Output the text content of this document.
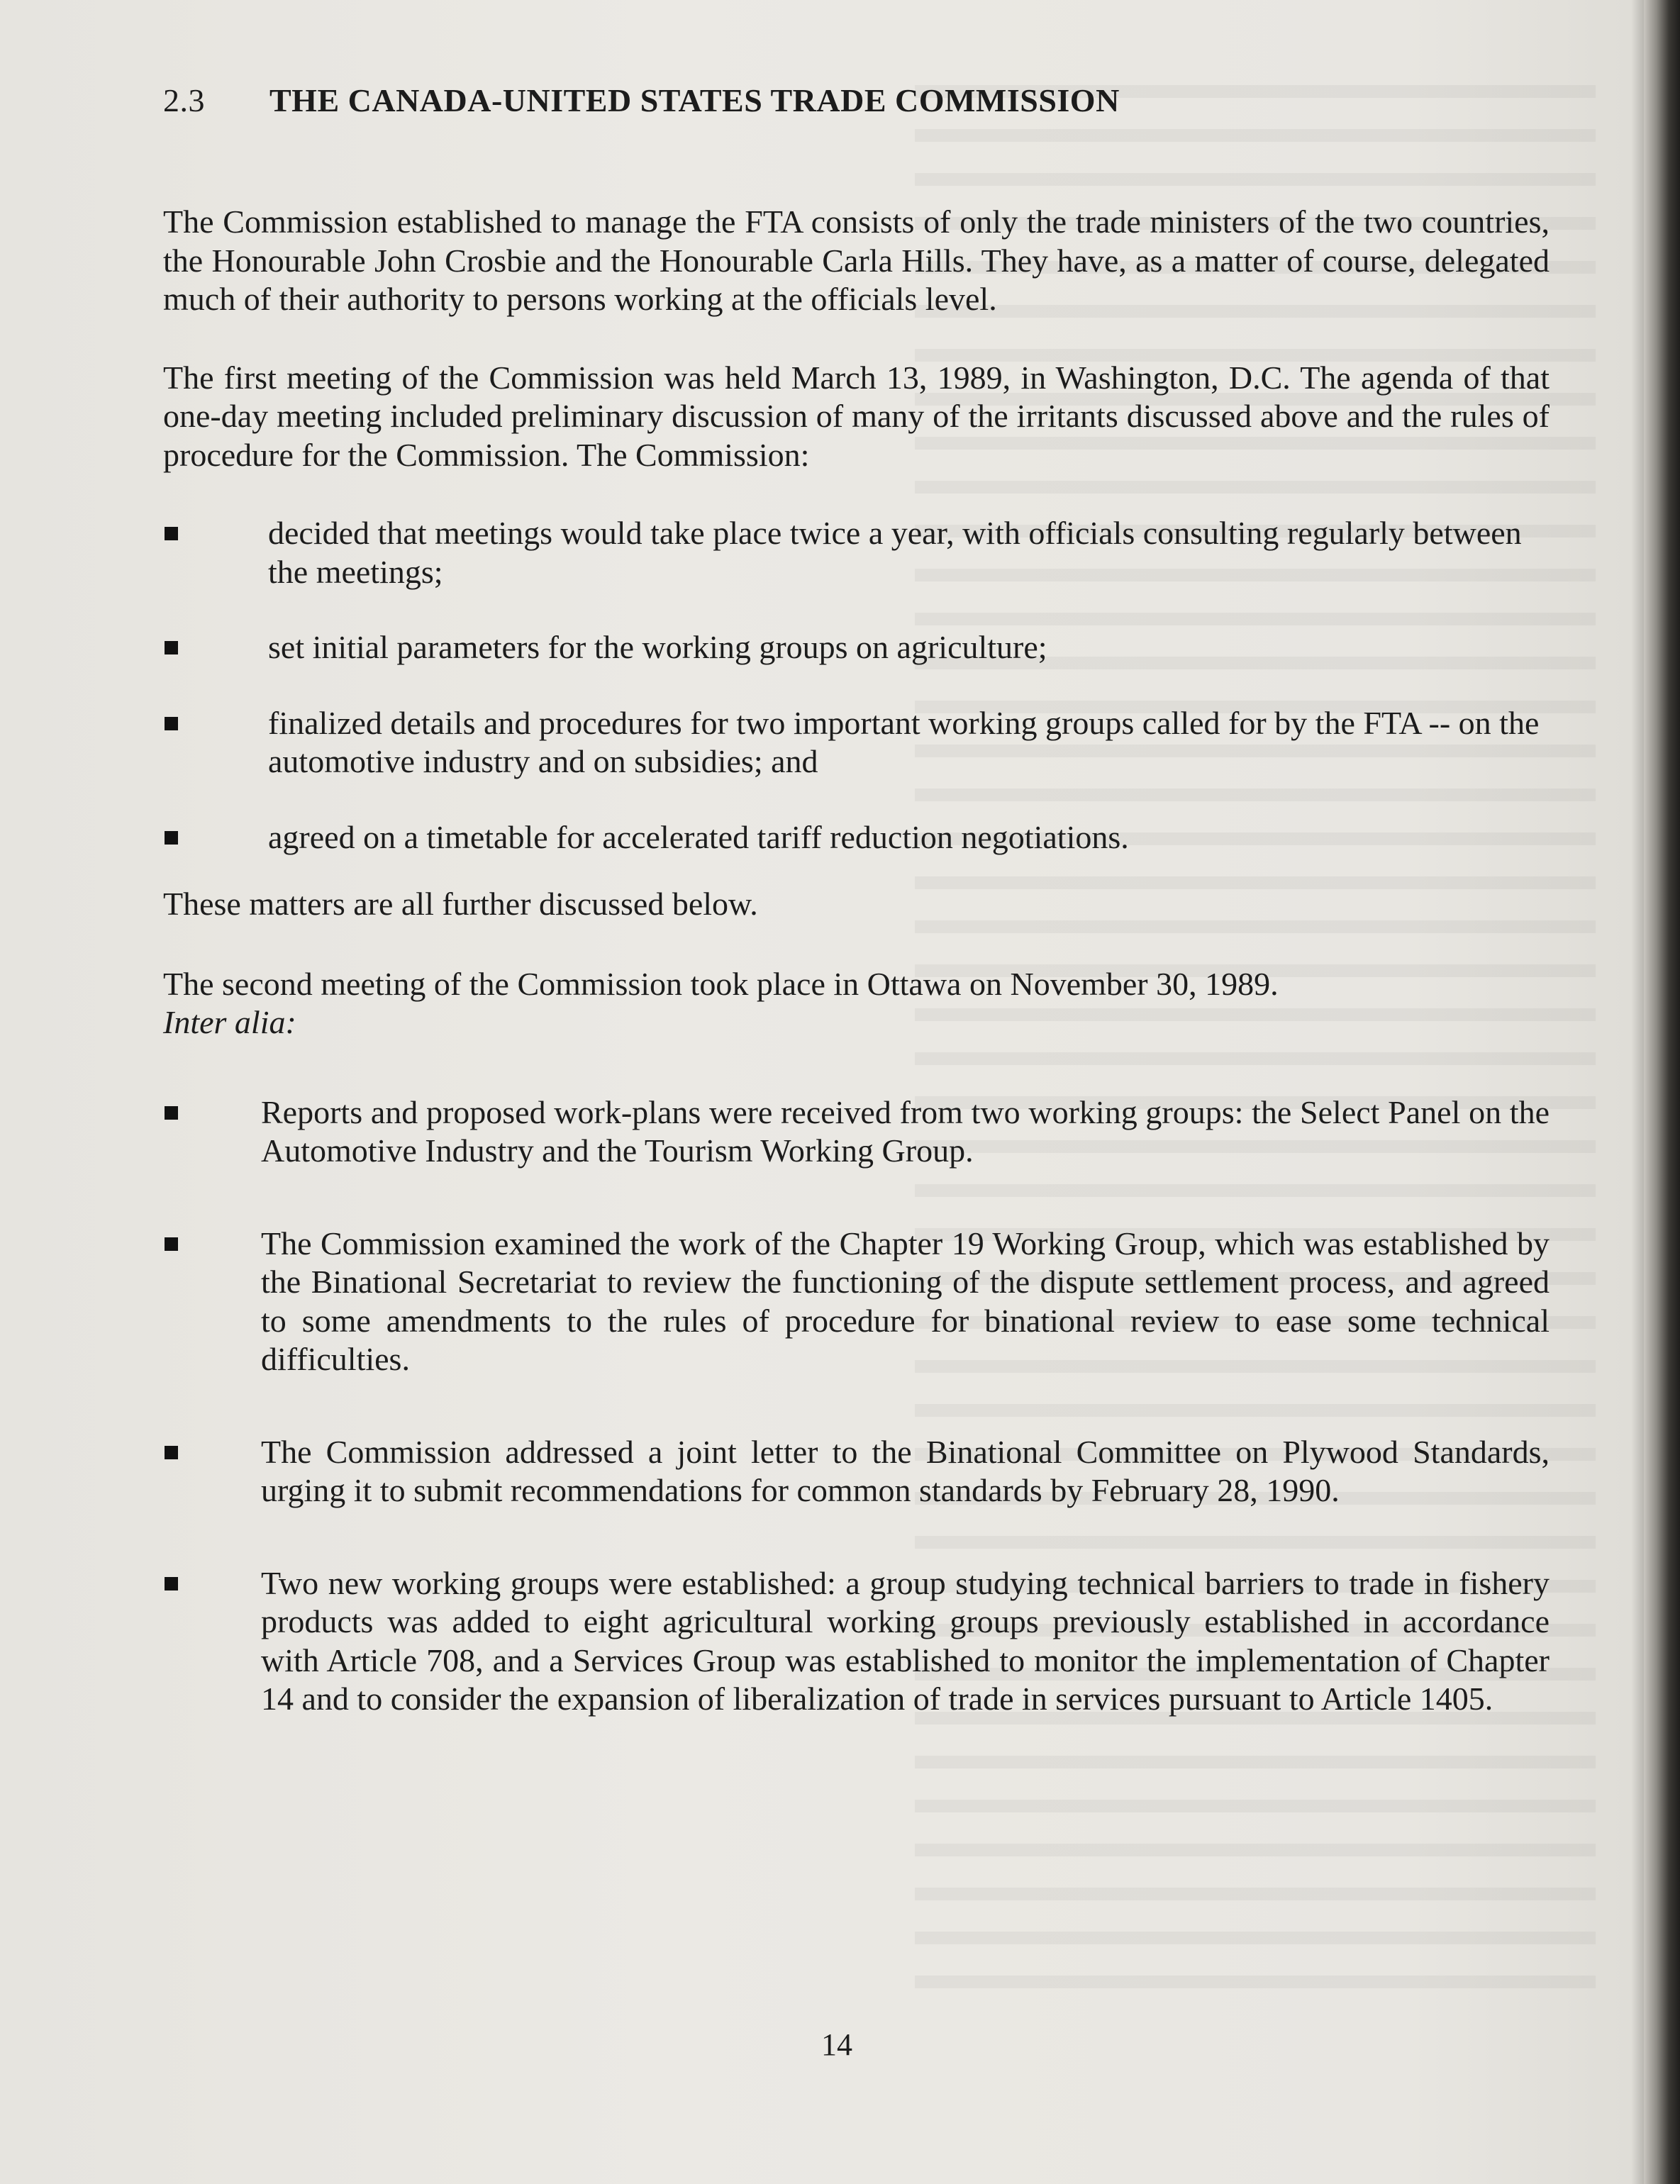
2.3 THE CANADA-UNITED STATES TRADE COMMISSION

The Commission established to manage the FTA consists of only the trade ministers of the two countries, the Honourable John Crosbie and the Honourable Carla Hills. They have, as a matter of course, delegated much of their authority to persons working at the officials level.

The first meeting of the Commission was held March 13, 1989, in Washington, D.C. The agenda of that one-day meeting included preliminary discussion of many of the irritants discussed above and the rules of procedure for the Commission. The Commission:

decided that meetings would take place twice a year, with officials consulting regularly between the meetings;
set initial parameters for the working groups on agriculture;
finalized details and procedures for two important working groups called for by the FTA -- on the automotive industry and on subsidies; and
agreed on a timetable for accelerated tariff reduction negotiations.

These matters are all further discussed below.

The second meeting of the Commission took place in Ottawa on November 30, 1989.
Inter alia:

Reports and proposed work-plans were received from two working groups: the Select Panel on the Automotive Industry and the Tourism Working Group.
The Commission examined the work of the Chapter 19 Working Group, which was established by the Binational Secretariat to review the functioning of the dispute settlement process, and agreed to some amendments to the rules of procedure for binational review to ease some technical difficulties.
The Commission addressed a joint letter to the Binational Committee on Plywood Standards, urging it to submit recommendations for common standards by February 28, 1990.
Two new working groups were established: a group studying technical barriers to trade in fishery products was added to eight agricultural working groups previously established in accordance with Article 708, and a Services Group was established to monitor the implementation of Chapter 14 and to consider the expansion of liberalization of trade in services pursuant to Article 1405.
14
